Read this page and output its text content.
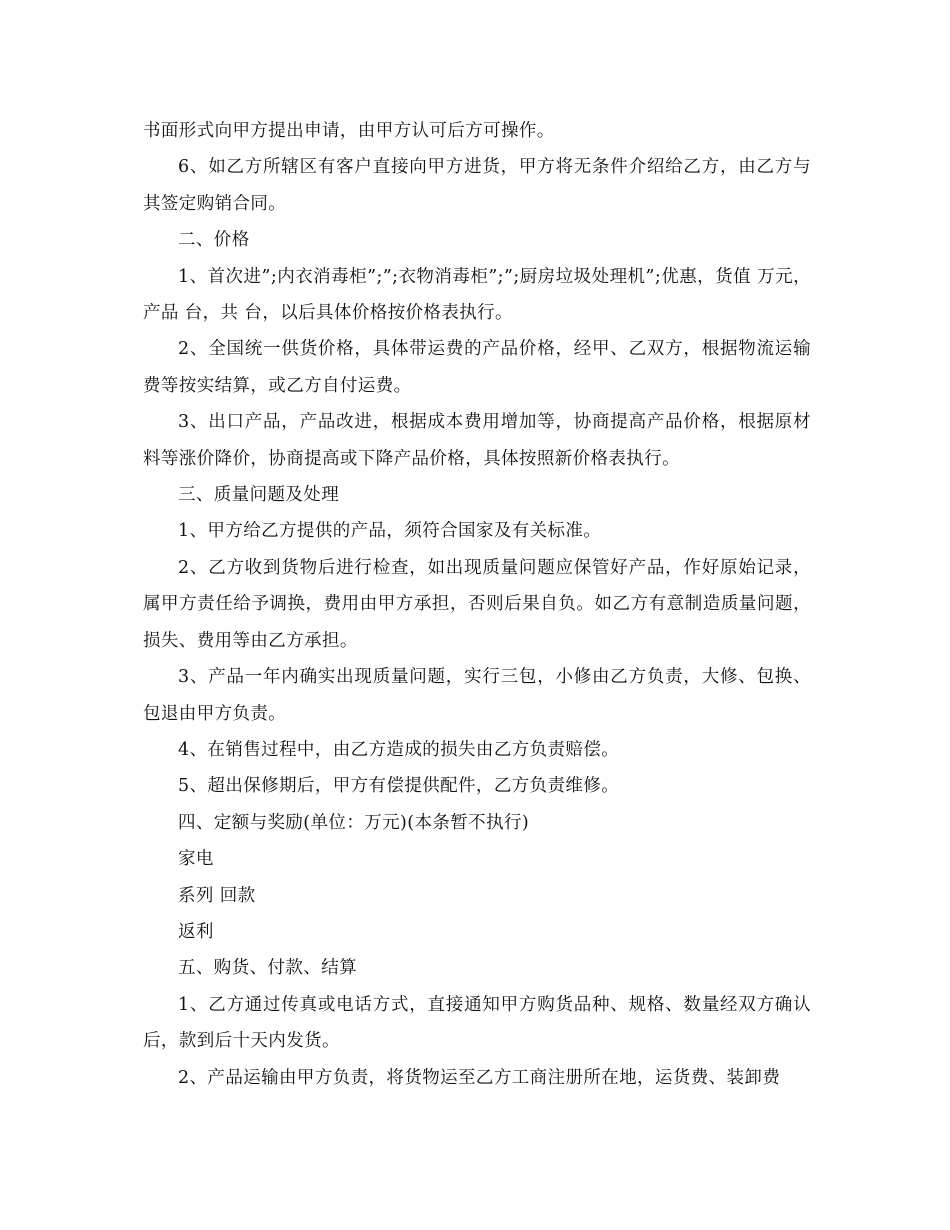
书面形式向甲方提出申请，由甲方认可后方可操作。

6、如乙方所辖区有客户直接向甲方进货，甲方将无条件介绍给乙方，由乙方与其签定购销合同。

二、价格

1、首次进”;内衣消毒柜”;”;衣物消毒柜”;”;厨房垃圾处理机”;优惠，货值 万元，产品 台，共 台，以后具体价格按价格表执行。

2、全国统一供货价格，具体带运费的产品价格，经甲、乙双方，根据物流运输费等按实结算，或乙方自付运费。

3、出口产品，产品改进，根据成本费用增加等，协商提高产品价格，根据原材料等涨价降价，协商提高或下降产品价格，具体按照新价格表执行。

三、质量问题及处理

1、甲方给乙方提供的产品，须符合国家及有关标准。

2、乙方收到货物后进行检查，如出现质量问题应保管好产品，作好原始记录，属甲方责任给予调换，费用由甲方承担，否则后果自负。如乙方有意制造质量问题，损失、费用等由乙方承担。

3、产品一年内确实出现质量问题，实行三包，小修由乙方负责，大修、包换、包退由甲方负责。

4、在销售过程中，由乙方造成的损失由乙方负责赔偿。

5、超出保修期后，甲方有偿提供配件，乙方负责维修。

四、定额与奖励(单位：万元)(本条暂不执行)

家电

系列 回款

返利

五、购货、付款、结算

1、乙方通过传真或电话方式，直接通知甲方购货品种、规格、数量经双方确认后，款到后十天内发货。

2、产品运输由甲方负责，将货物运至乙方工商注册所在地，运货费、装卸费
